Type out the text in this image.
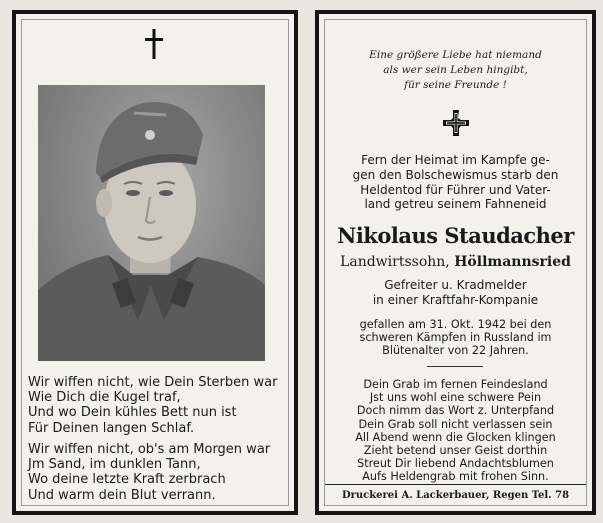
Wir wiffen nicht, wie Dein Sterben war
Wie Dich die Kugel traf,
Und wo Dein kühles Bett nun ist
Für Deinen langen Schlaf.
Wir wiffen nicht, ob's am Morgen war
Jm Sand, im dunklen Tann,
Wo deine letzte Kraft zerbrach
Und warm dein Blut verrann.
Eine größere Liebe hat niemand
als wer sein Leben hingibt,
für seine Freunde !
Fern der Heimat im Kampfe ge-
gen den Bolschewismus starb den
Heldentod für Führer und Vater-
land getreu seinem Fahneneid
Nikolaus Staudacher
Landwirtssohn, Höllmannsried
Gefreiter u. Kradmelder
in einer Kraftfahr-Kompanie
gefallen am 31. Okt. 1942 bei den
schweren Kämpfen in Russland im
Blütenalter von 22 Jahren.
Dein Grab im fernen Feindesland
Jst uns wohl eine schwere Pein
Doch nimm das Wort z. Unterpfand
Dein Grab soll nicht verlassen sein
All Abend wenn die Glocken klingen
Zieht betend unser Geist dorthin
Streut Dir liebend Andachtsblumen
Aufs Heldengrab mit frohen Sinn.
Druckerei A. Lackerbauer, Regen Tel. 78
